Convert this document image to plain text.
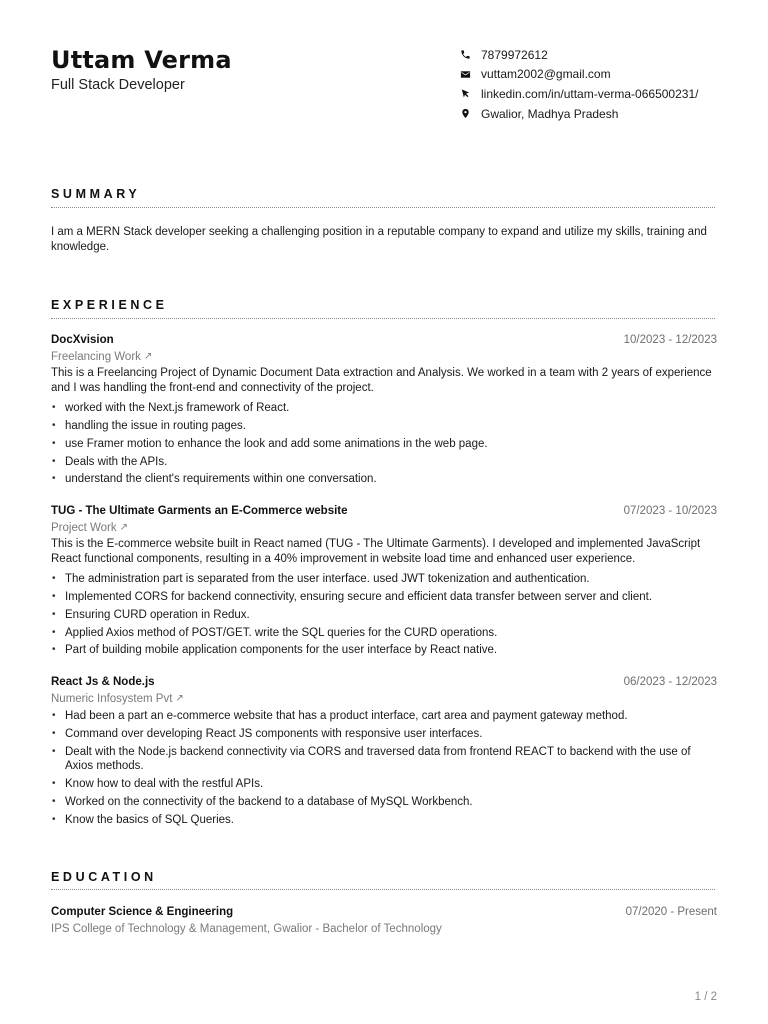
Uttam Verma
Full Stack Developer
7879972612
vuttam2002@gmail.com
linkedin.com/in/uttam-verma-066500231/
Gwalior, Madhya Pradesh
SUMMARY
I am a MERN Stack developer seeking a challenging position in a reputable company to expand and utilize my skills, training and knowledge.
EXPERIENCE
DocXvision	10/2023 - 12/2023
Freelancing Work ↗
This is a Freelancing Project of Dynamic Document Data extraction and Analysis. We worked in a team with 2 years of experience and I was handling the front-end and connectivity of the project.
• worked with the Next.js framework of React.
• handling the issue in routing pages.
• use Framer motion to enhance the look and add some animations in the web page.
• Deals with the APIs.
• understand the client's requirements within one conversation.
TUG - The Ultimate Garments an E-Commerce website	07/2023 - 10/2023
Project Work ↗
This is the E-commerce website built in React named (TUG - The Ultimate Garments). I developed and implemented JavaScript React functional components, resulting in a 40% improvement in website load time and enhanced user experience.
• The administration part is separated from the user interface. used JWT tokenization and authentication.
• Implemented CORS for backend connectivity, ensuring secure and efficient data transfer between server and client.
• Ensuring CURD operation in Redux.
• Applied Axios method of POST/GET. write the SQL queries for the CURD operations.
• Part of building mobile application components for the user interface by React native.
React Js & Node.js	06/2023 - 12/2023
Numeric Infosystem Pvt ↗
• Had been a part an e-commerce website that has a product interface, cart area and payment gateway method.
• Command over developing React JS components with responsive user interfaces.
• Dealt with the Node.js backend connectivity via CORS and traversed data from frontend REACT to backend with the use of Axios methods.
• Know how to deal with the restful APIs.
• Worked on the connectivity of the backend to a database of MySQL Workbench.
• Know the basics of SQL Queries.
EDUCATION
Computer Science & Engineering	07/2020 - Present
IPS College of Technology & Management, Gwalior - Bachelor of Technology
1 / 2
